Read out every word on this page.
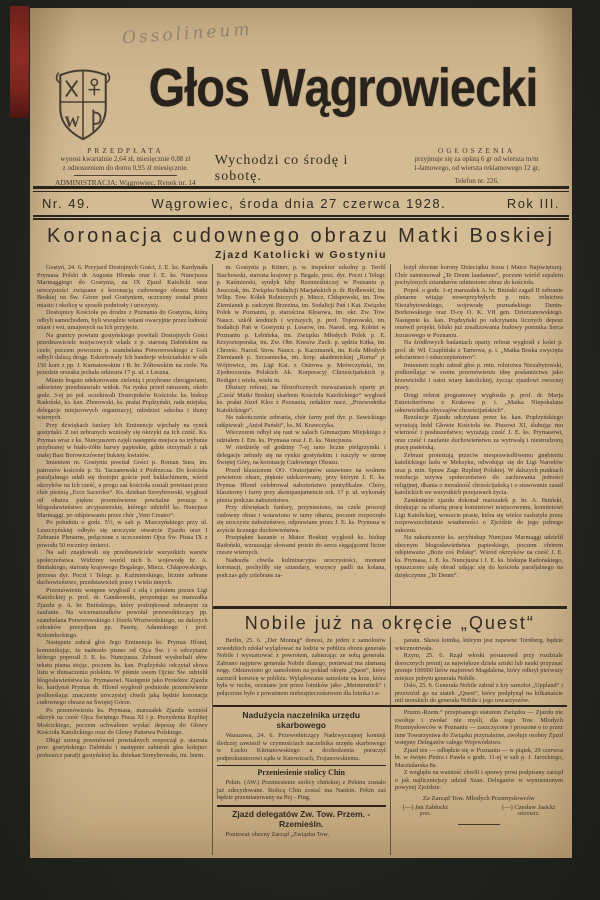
Ossolineum
W
Głos Wągrowiecki
PRZEDPŁATA
wynosi kwartalnie 2,64 zł, miesięcznie 0,88 zł
z odnoszeniem do domu 0,95 zł miesięcznie.
ADMINISTRACJA: Wągrowiec, Rynek nr. 14
Wychodzi co środę i sobotę.
OGŁOSZENIA
przyjmuje się za opłatą 6 gr od wiersza m/m
1-łamowego, od wiersza reklamowego 12 gr,
Telefon nr. 226.
Nr. 49.	Wągrowiec, środa dnia 27 czerwca 1928.	Rok III.
Koronacja cudownego obrazu Matki Boskiej
Zjazd Katolicki w Gostyniu

Gostyń, 24. 6. Przyjazd Dostojnych Gości, J. E. ks. Kardynała Prymasa Polski dr. Augusta Hlonda oraz J. E. ks. Nuncjusza Marmaggiego do Gostynia, na IX Zjazd Katolicki oraz uroczystości związane z koronacją cudownego obrazu Matki Boskiej na Św. Górze pod Gostyniem, uczczony został przez miasto i okolicę w sposób podniosły i uroczysty.

Dostojnicy Kościoła po drodze z Poznania do Gostynia, którą odbyli samochodem, byli wszędzie witani owacyjnie przez ludność miast i wsi, umajonych na Ich przyjęcie.

Na granicy powiatu gostyńskiego powitali Dostojnych Gości przedstawiciele miejscowych władz z p. starostą Dabińskim na czele, poczem powozem p. szambelana Potworowskiego z Goli odbyli dalszą drogę. Eskortowały Ich banderje włościańskie w sile 150 koni z pp. J. Kurnatowskim i B. hr. Żółtowskim na czele. Na przedzie orszaku jechała orkiestra 17 p. uł. z Leszna.

Miasto bogato udekorowane zielenią i przybrane chorągwiami, odświetny przedstawiało widok. Na rynku przed ratuszem, około godz. 3-ej po poł. oczekiwali Dostojników Kościoła: ks. biskup Radoński, ks. kan. Zborowski, ks. prałat Prądzyński, rada miejska, delegacje miejscowych organizacyj, młodzież szkolna i tłumy wiernych.

Przy dźwiękach fanfary Ich Eminencje wjechały na rynek gostyński. Z ust zebranych wzniosły się okrzyki na Ich cześć. Ks. Prymas wraz z ks. Nuncjuszem zajęli następnie miejsca na trybunie przybranej w biało-żółte barwy papieskie, gdzie otrzymali z rąk małej Basi Borowiczównej bukiety kwiatów.

Imieniem m. Gostynia powitał Gości p. Roman Sura, im. patronów kościoła p. St. Taczanowski z Podrzecza. Do kościoła parafjalnego udali się dostojni goście pod baldachimem, wśród okrzyków na Ich cześć, u progu zaś kościoła zostali powitani przez chór pieśnią „Ecce Sacerdos“. Ks. dziekan Szreybrowski, wygłosił od ołtarza piękne przemówienie powitalne prosząc o błogosławieństwo arcypasterskie, którego udzielił ks. Nuncjusz Marmaggi, po odśpiewaniu przez chór „Veni Creator“.

Po południu o godz. 5½, w sali p. Marczyńskiego przy ul. Leszczyńskiej odbyło się uroczyste otwarcie Zjazdu oraz I Zebranie Plenarne, połączone z uczczeniem Ojca Św. Piusa IX z powodu 50 rocznicy śmierci.

Na sali znajdowali się przedstawiciele wszystkich warstw społeczeństwa. Widzimy wśród nich b. wojewodę hr. A. Bnińskiego, starostę krajowego Begalego, Miecz. Chłapowskiego, prezesa dyr. Poczt i Telegr. p. Kaźmierskiego, licznie zebrane duchowieństwo, przedstawicieli prasy i wielu innych.

Przemówienie wstępne wygłosił z siłą i polotem prezes Ligi Katolickiej p. prof. dr. Gantkowski, proponując na marszałka Zjazdu p. A. hr. Bnińskiego, który podziękował zebranym za zaufanie. Na wicemarszałków powołał przewodniczący pp. szambelana Potworowskiego i Józefa Woziwodzkiego, na dalszych członków prezydjum pp. Pasotę, Adamskiego i prof. Kołomłockiego.

Następnie zabrał głos Jego Eminencja ks. Prymas Hlond, komunikując, że nadeszło pismo od Ojca Św. i o odczytanie którego poprosił J. E. ks. Nuncjusza. Zebrani wysłuchali słów tekstu pisma stojąc, poczem ks. kan. Prądzyński odczytał słowa listu w tłumaczeniu polskim. W piśmie swem Ojciec Św. udzielił błogosławieństwa ks. Prymasowi. Następnie jako Protektor Zjazdu ks. kardynał Prymas dr. Hlond wygłosił podniosłe przemówienie podkreślając znaczenie uroczystej chwili jaką będzie koronacja cudownego obrazu na Świętej Górze.

Po przemówieniu ks. Prymasa, marszałek Zjazdu wzniósł okrzyk na cześć Ojca Świętego Piusa XI i p. Prezydenta Rzplitej Mościckiego, poczem uchwalono wysłać depeszę do Głowy Kościoła Katolickiego oraz do Głowy Państwa Polskiego.

Długi szereg przemówień powitalnych rozpoczął p. starosta pow. gostyńskiego Dabiński i następnie zabierali głos kolejno: proboszcz parafji gostyńskiej ks. dziekan Szreybrowski, im. burm.

m. Gostynia p. Kitner, p. w. inspektor szkolny p. Teofil Stachowski, starosta krajowy p. Begale, prez. dyr. Poczt i Telegr. p. Kaźmierski, syndyk Izby Rzemieślniczej w Poznaniu p. Juszczak, im. Związku Sodalicji Marjańskich p. dr. Rydlewski, im. Wlkp. Tow. Kółek Rolniczych p. Miecz. Chłapowski, im. Tow. Ziemianek p. radczyni Brzezina, im. Sodalicji Pań i Kat. Związku Polek w Poznaniu, p. starościna Kłosowa, im. okr. Zw. Tow. Naucz. szkół średnich i wyższych, p. prof. Toporowski, im. Sodalicji Pań w Gostyniu p. Lossow, im. Narod. org. Kobiet w Poznaniu p. Łebińska, im. Związku Młodych Polek p. E. Krzysztoporska, im. Zw. Obr. Kresów Zach. p. sędzia Kitka, im. Chrześc. Narod. Stow. Naucz. p. Kaczmarek, im. Koła Młodych Ziemianek p. Szczaniecka, im. korp. akademickiej „Roma“ p. Wójtowicz, im. Ligi Kat. z Ostrowa p. Mrówczyński, im. Zjednoczenia Polskich Ak. Korporacyj Chrześcijańskich p. Rediger i wielu, wielu in.

Dłuższy referat, na filozoficznych rozważaniach oparty pt. „Cześć Matki Boskiej skarbem Kościoła Katolickiego“ wygłosił ks. prałat Józef Kłos z Poznania, redaktor nacz. „Przewodnika Katolickiego“.

Na zakończenie zebrania, chór farny pod dyr. p. Sawickiego odśpiewał: „Anioł Pański“, ks. M. Krawczyka.

Wieczorem odbył się raut w salach Gimnazjum Miejskiego z udziałem J. Em. ks. Prymasa oraz J. E. ks. Nuncjusza.

W niedzielę od godziny 7-ej rano liczne pielgrzymki i delegacje zebrały się na rynku gostyńskim i ruszyły w stronę Świętej Góry, na koronację Cudownego Obrazu.

Przed klasztorem OO. Oratorjanów ustawiono na wolnem powietrzu ołtarz, pięknie udekorowany, przy którym J. E. ks. Prymas Hlond celebrował nabożeństwo pontyfikalne. Chóry, klasztorny i farny przy akompanjamencie ork. 17 p. uł. wykonały pienia podczas nabożeństwa.

Przy dźwiękach fanfary, przyniesiono, na czele procesji cudowny obraz i wstawiono w ramy ołtarza, poczem rozpoczęło się uroczyste nabożeństwo, odprawiane przez J. E. ks. Prymasa w asyście licznego duchowieństwa.

Przepiękne kazanie o Matce Boskiej wygłosił ks. biskup Radoński, wzruszając słowami prosto do serca sięgającemi liczne rzesze wiernych.

Nadeszła chwila kulminacyjna uroczystości, moment koronacji, pochyliły się sztandary, wszyscy padli na kolana, podczas gdy celebrans za-

łożył złociste korony Dzieciątku Jezus i Matce Najświętszej. Chór zaintonował „Te Deum laudamus“, poczem wśród szpaleru pochylonych sztandarów odniesiono obraz do kościoła.

Popoł. o godz. 1-ej marszałek A. hr. Bniński zagaił II zebranie plenarne witając nowoprzybyłych: p. min. rolnictwa Niezabytowskiego, wojewodę poznańskiego Dunin-Borkowskiego oraz D-cę O. K. VII gen. Dzierżanowskiego. Następnie ks. kan. Prądzyński po odczytaniu licznych depesz omówił projekt, bliski już zrealizowania budowy pomnika Serca Jezusowego w Poznaniu.

Na źródłowych badaniach oparty referat wygłosił z kolei p. prof. dr. Wł. Czapliński z Tarnowa, p. t. „Matka Boska zwycięża sekciarstwo i odszczepieństwo“.

Imieniem rządu zabrał głos p. min. rolnictwa Niezabytowski, podkreślając w swem przemówieniu ideę posłannictwa jako krzewicielki i ostoi wiary katolickiej, życząc zjazdowi owocnej pracy.

Drugi referat programowy wygłosiła p. prof. dr. Marja Estreicherówna z Krakowa p. t. „Matka Niepokalana odnowicielka obyczajów chrześcijańskich“.

Rezolucje Zjazdu odczytane przez ks. kan. Prądzyńskiego wyrażają hołd Głowie Kościoła św. Piusowi XI, ślubując mu wierność i posłuszeństwo; wyrażają cześć J. E. ks. Prymasowi, oraz cześć i zaufanie duchowieństwu za wytrwałą i niestrudzoną pracę pasterską.

Zebrani protestują przeciw niesprawiedliwemu gnębieniu katolickiego ludu w Meksyku, odwołując się do Ligi Narodów oraz p. min. Spraw Zagr. Rzplitej Polskiej. W dalszych punktach rezolucja wzywa społeczeństwo do zachowania jedności religijnej, dbania o moralność chrześcijańską i o stosowanie zasad katolickich we wszystkich przejawach życia.

Zamknięcie zjazdu dokonał marszałek p. hr. A. Bniński, dziękując za ofiarną pracę komitetowi miejscowemu, komitetowi Ligi Katolickiej, wreszcie prasie, która się wielce zasłużyła przez rozpowszechnianie wiadomości o Zjeździe do jego pełnego sukcesu.

Na zakończenie ks. arcybiskup Nuncjusz Marmaggi udzielił obecnym błogosławieństwa papieskiego, poczem chórem odśpiewano „Boże coś Polskę“. Wśród okrzyków na cześć J. E. ks. Prymasa, J. E. ks. Nuncjusza i J. E. ks. biskupa Radońskiego, opuszczono salę obrad udając się do kościoła parafjalnego na dziękczynne „Te Deum“.

Nobile już na okręcie „Quest“

Berlin, 25. 6. „Der Montag“ donosi, że jeden z samolotów szwedzkich zdołał wylądować na lodzie w pobliżu obozu generała Nobile i wystartować z powrotem, zabierając ze sobą generała. Zabrano najpierw generała Nobile dlatego, ponieważ ma złamaną nogę. Odstawiono go samolotem na pokład okrętu „Quest“, który zarzucił kotwicę w pobliżu. Wylądowanie samolotu na krze, która była w ruchu, oceniane jest przez lotników jako „Meisterstück“ i połączone było z poważnem niebezpieczeństwem dla lotnika i a-

paratu. Sława lotnika, którym jest zapewne Tornberg, będzie wiecznotrwała.

Rzym, 25. 6. Rząd włoski postanowił przy rozdziale dorocznych premij za największe dzieła sztuki lub nauki przyznać premje 100000 lirów majorowi Magdalena, który odkrył pierwszy miejsce pobytu generała Nobile.

Oslo, 25. 6. Generała Nobile zabrał z kry samolot „Uppland“ i przewiózł go na statek „Quest“, który podpłynął na kilkanaście mil morskich do generała Nobile i jego towarzyszów.

Nadużycia naczelnika urzędu skarbowego

Warszawa, 24. 6. Przewodniczący Nadzwyczajnej komisji śledczej zawiesił w czynnościach naczelnika urzędu skarbowego w Łucku Kitmanowskiego a dochodzenia poruczył podprokuratorowi sądu w Katowicach, Trojanowskiemu.

Przeniesienie stolicy Chin

Pekin. (AW.) Przeniesienie stolicy chińskiej z Pekinu zostało już zdecydowane. Stolicą Chin zostać ma Nankin. Pekin zaś będzie przemianowany na Pej - Ping.

Zjazd delegatów Zw. Tow. Przem. - Rzemieśln.

Ponieważ obecny Zarząd „Związku Tow.

Przem.-Rzem.“ przepisanego statutem Związku — Zjazdu nie zwołuje i zwołać nie myśli, dla tego Tow. Młodych Przemysłowców w Poznaniu — zaszczycone i proszone o to przez inne Towarzystwa do Związku przynależne, zwołuje osobny Zjazd wstępny Delegatów całego Województwa.

Zjazd ten — odbędzie się w Poznaniu — w piątek, 29 czerwca br. w święto Piotra i Pawła o godz. 11-ej w sali p. J. Jarockiego, Masztalarska 8a.

Z względu na ważność chwili i sprawy prosi podpisany zarząd o jak najliczniejszy udział Szan. Delegatów w wymienionym powyżej Zjeździe.

Za Zarząd Tow. Młodych Przemysłowców
(—) Jan Zabłocki
prez.
(—) Czesław Jasicki
sekretarz.
